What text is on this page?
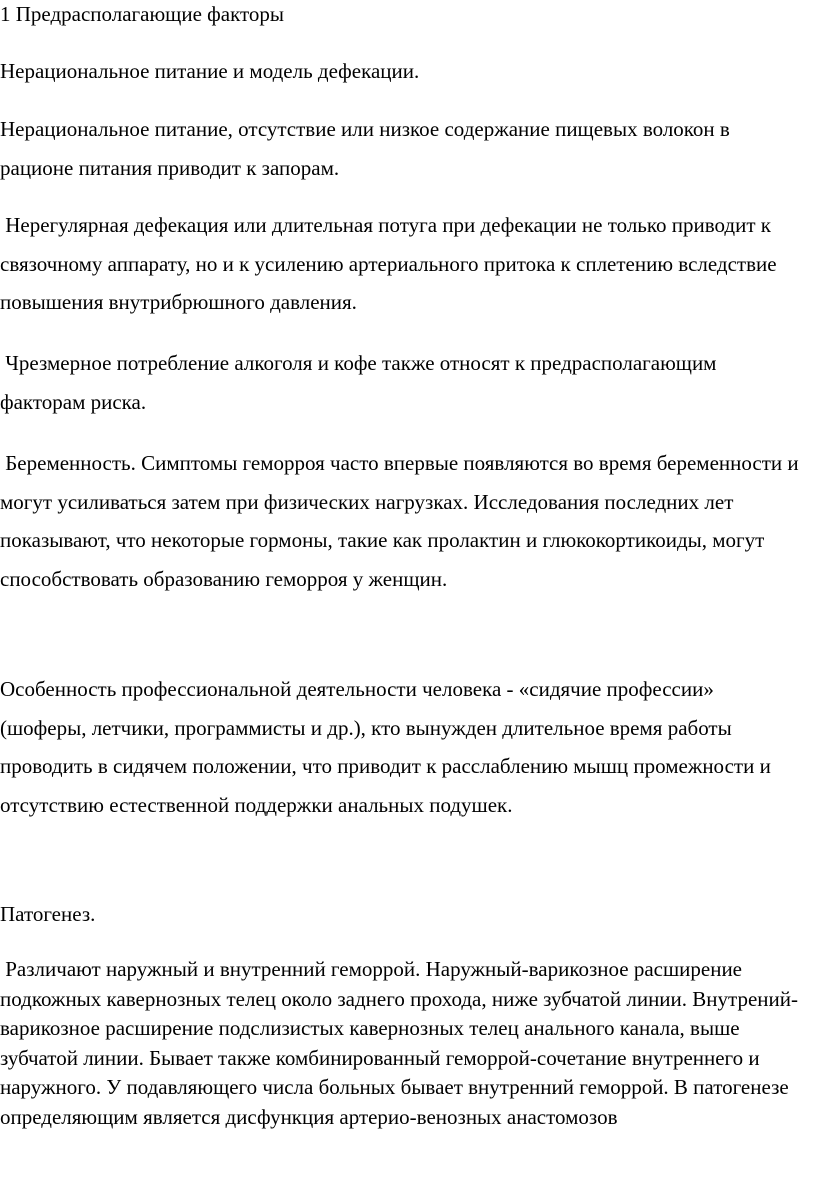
1 Предрасполагающие факторы

Нерациональное питание и модель дефекации.

Нерациональное питание, отсутствие или низкое содержание пищевых волокон в рационе питания приводит к запорам.

Нерегулярная дефекация или длительная потуга при дефекации не только приводит к связочному аппарату, но и к усилению артериального притока к сплетению вследствие повышения внутрибрюшного давления.

Чрезмерное потребление алкоголя и кофе также относят к предрасполагающим факторам риска.

Беременность. Симптомы геморроя часто впервые появляются во время беременности и могут усиливаться затем при физических нагрузках. Исследования последних лет показывают, что некоторые гормоны, такие как пролактин и глюкокортикоиды, могут способствовать образованию геморроя у женщин.

Особенность профессиональной деятельности человека - «сидячие профессии» (шоферы, летчики, программисты и др.), кто вынужден длительное время работы проводить в сидячем положении, что приводит к расслаблению мышц промежности и отсутствию естественной поддержки анальных подушек.

Патогенез.

Различают наружный и внутренний геморрой. Наружный-варикозное расширение подкожных кавернозных телец около заднего прохода, ниже зубчатой линии. Внутрений-варикозное расширение подслизистых кавернозных телец анального канала, выше зубчатой линии. Бывает также комбинированный геморрой-сочетание внутреннего и наружного. У подавляющего числа больных бывает внутренний геморрой. В патогенезе определяющим является дисфункция артерио-венозных анастомозов
